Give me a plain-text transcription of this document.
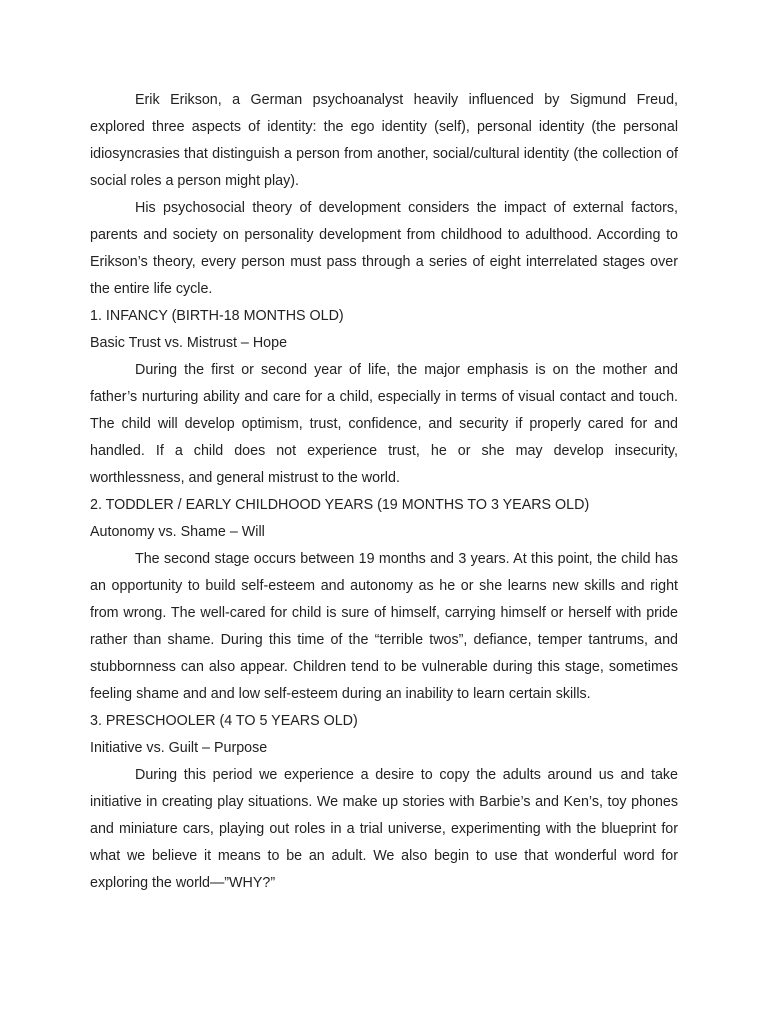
Erik Erikson, a German psychoanalyst heavily influenced by Sigmund Freud, explored three aspects of identity: the ego identity (self), personal identity (the personal idiosyncrasies that distinguish a person from another, social/cultural identity (the collection of social roles a person might play).

His psychosocial theory of development considers the impact of external factors, parents and society on personality development from childhood to adulthood. According to Erikson’s theory, every person must pass through a series of eight interrelated stages over the entire life cycle.

1. INFANCY (BIRTH-18 MONTHS OLD)

Basic Trust vs. Mistrust – Hope

During the first or second year of life, the major emphasis is on the mother and father’s nurturing ability and care for a child, especially in terms of visual contact and touch. The child will develop optimism, trust, confidence, and security if properly cared for and handled. If a child does not experience trust, he or she may develop insecurity, worthlessness, and general mistrust to the world.

2. TODDLER / EARLY CHILDHOOD YEARS (19 MONTHS TO 3 YEARS OLD)

Autonomy vs. Shame – Will

The second stage occurs between 19 months and 3 years. At this point, the child has an opportunity to build self-esteem and autonomy as he or she learns new skills and right from wrong. The well-cared for child is sure of himself, carrying himself or herself with pride rather than shame. During this time of the “terrible twos”, defiance, temper tantrums, and stubbornness can also appear. Children tend to be vulnerable during this stage, sometimes feeling shame and and low self-esteem during an inability to learn certain skills.

3. PRESCHOOLER (4 TO 5 YEARS OLD)

Initiative vs. Guilt – Purpose

During this period we experience a desire to copy the adults around us and take initiative in creating play situations. We make up stories with Barbie’s and Ken’s, toy phones and miniature cars, playing out roles in a trial universe, experimenting with the blueprint for what we believe it means to be an adult. We also begin to use that wonderful word for exploring the world—”WHY?”
